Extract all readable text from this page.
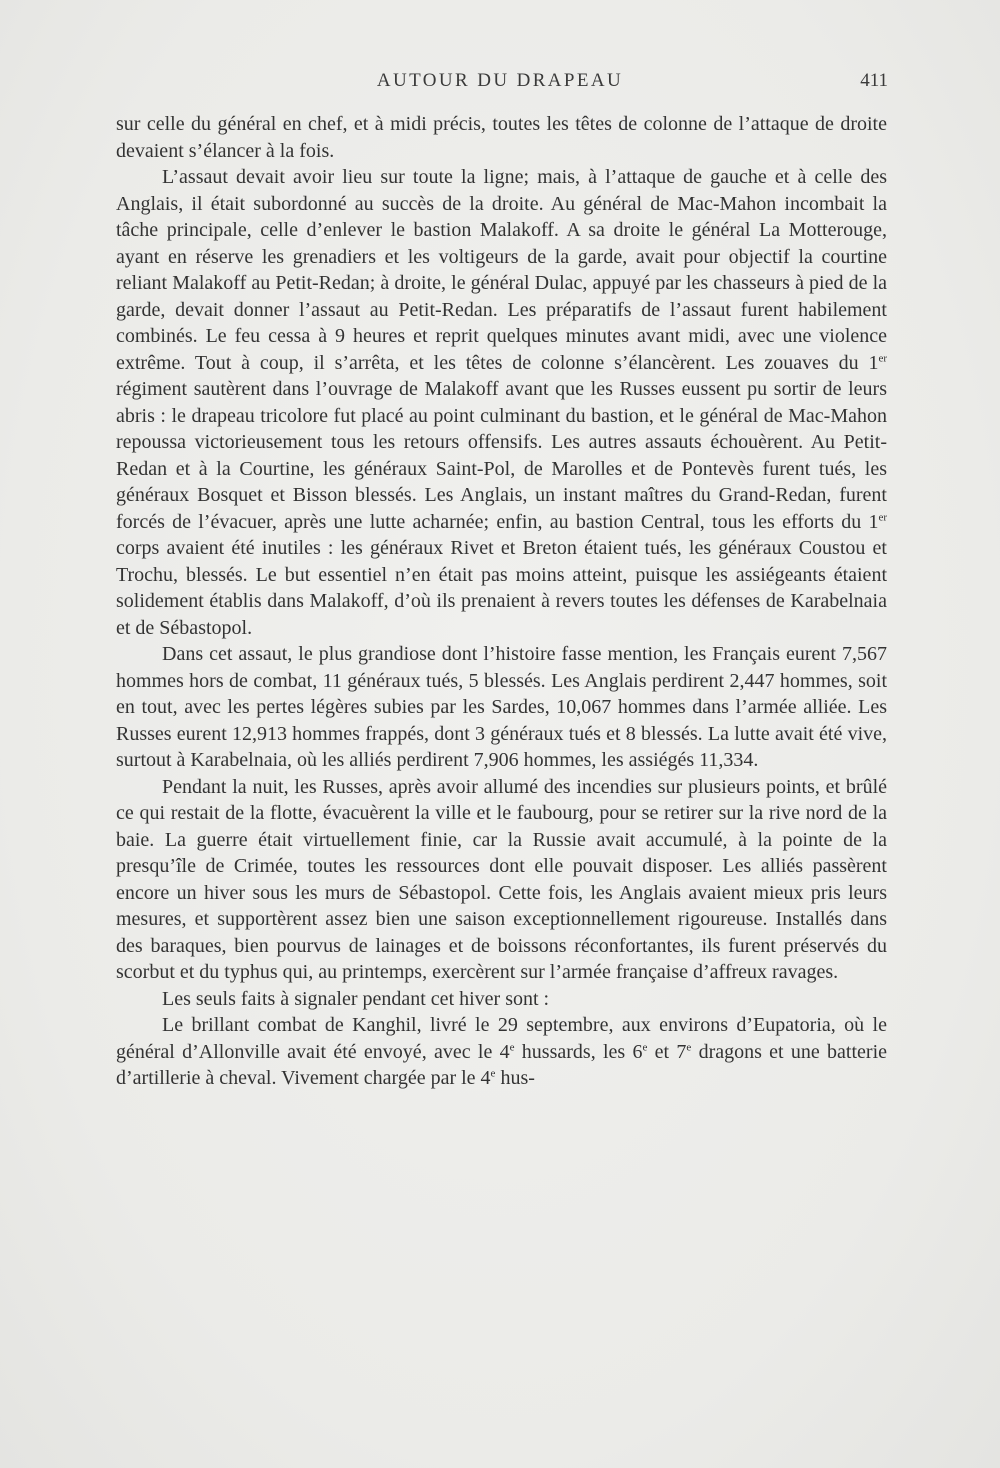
AUTOUR DU DRAPEAU	411

sur celle du général en chef, et à midi précis, toutes les têtes de colonne de l’attaque de droite devaient s’élancer à la fois.

L’assaut devait avoir lieu sur toute la ligne; mais, à l’attaque de gauche et à celle des Anglais, il était subordonné au succès de la droite. Au général de Mac-Mahon incombait la tâche principale, celle d’enlever le bastion Malakoff. A sa droite le général La Motterouge, ayant en réserve les grenadiers et les voltigeurs de la garde, avait pour objectif la courtine reliant Malakoff au Petit-Redan; à droite, le général Dulac, appuyé par les chasseurs à pied de la garde, devait donner l’assaut au Petit-Redan. Les préparatifs de l’assaut furent habilement combinés. Le feu cessa à 9 heures et reprit quelques minutes avant midi, avec une violence extrême. Tout à coup, il s’arrêta, et les têtes de colonne s’élancèrent. Les zouaves du 1er régiment sautèrent dans l’ouvrage de Malakoff avant que les Russes eussent pu sortir de leurs abris : le drapeau tricolore fut placé au point culminant du bastion, et le général de Mac-Mahon repoussa victorieusement tous les retours offensifs. Les autres assauts échouèrent. Au Petit-Redan et à la Courtine, les généraux Saint-Pol, de Marolles et de Pontevès furent tués, les généraux Bosquet et Bisson blessés. Les Anglais, un instant maîtres du Grand-Redan, furent forcés de l’évacuer, après une lutte acharnée; enfin, au bastion Central, tous les efforts du 1er corps avaient été inutiles : les généraux Rivet et Breton étaient tués, les généraux Coustou et Trochu, blessés. Le but essentiel n’en était pas moins atteint, puisque les assiégeants étaient solidement établis dans Malakoff, d’où ils prenaient à revers toutes les défenses de Karabelnaia et de Sébastopol.

Dans cet assaut, le plus grandiose dont l’histoire fasse mention, les Français eurent 7,567 hommes hors de combat, 11 généraux tués, 5 blessés. Les Anglais perdirent 2,447 hommes, soit en tout, avec les pertes légères subies par les Sardes, 10,067 hommes dans l’armée alliée. Les Russes eurent 12,913 hommes frappés, dont 3 généraux tués et 8 blessés. La lutte avait été vive, surtout à Karabelnaia, où les alliés perdirent 7,906 hommes, les assiégés 11,334.

Pendant la nuit, les Russes, après avoir allumé des incendies sur plusieurs points, et brûlé ce qui restait de la flotte, évacuèrent la ville et le faubourg, pour se retirer sur la rive nord de la baie. La guerre était virtuellement finie, car la Russie avait accumulé, à la pointe de la presqu’île de Crimée, toutes les ressources dont elle pouvait disposer. Les alliés passèrent encore un hiver sous les murs de Sébastopol. Cette fois, les Anglais avaient mieux pris leurs mesures, et supportèrent assez bien une saison exceptionnellement rigoureuse. Installés dans des baraques, bien pourvus de lainages et de boissons réconfortantes, ils furent préservés du scorbut et du typhus qui, au printemps, exercèrent sur l’armée française d’affreux ravages.

Les seuls faits à signaler pendant cet hiver sont :

Le brillant combat de Kanghil, livré le 29 septembre, aux environs d’Eupatoria, où le général d’Allonville avait été envoyé, avec le 4e hussards, les 6e et 7e dragons et une batterie d’artillerie à cheval. Vivement chargée par le 4e hus-
